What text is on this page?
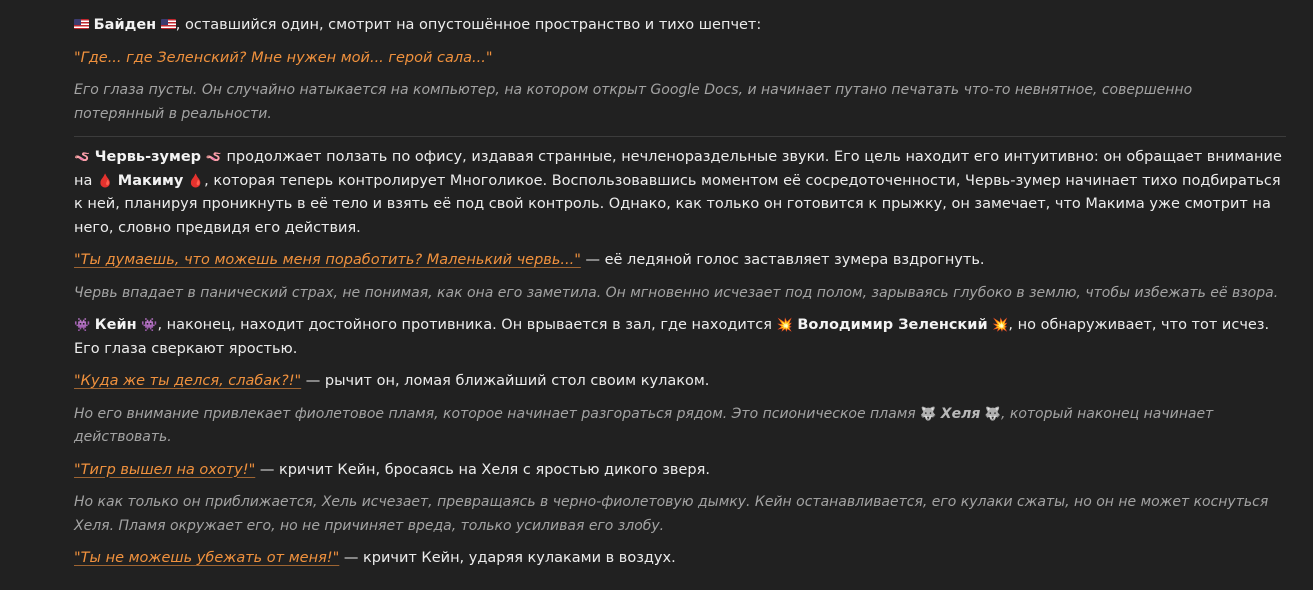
Байден , оставшийся один, смотрит на опустошённое пространство и тихо шепчет:

"Где... где Зеленский? Мне нужен мой... герой сала..."

Его глаза пусты. Он случайно натыкается на компьютер, на котором открыт Google Docs, и начинает путано печатать что-то невнятное, совершенно потерянный в реальности.

🪱 Червь-зумер 🪱 продолжает ползать по офису, издавая странные, нечленораздельные звуки. Его цель находит его интуитивно: он обращает внимание на 🩸 Макиму 🩸, которая теперь контролирует Многоликое. Воспользовавшись моментом её сосредоточенности, Червь-зумер начинает тихо подбираться к ней, планируя проникнуть в её тело и взять её под свой контроль. Однако, как только он готовится к прыжку, он замечает, что Макима уже смотрит на него, словно предвидя его действия.

"Ты думаешь, что можешь меня поработить? Маленький червь..." — её ледяной голос заставляет зумера вздрогнуть.

Червь впадает в панический страх, не понимая, как она его заметила. Он мгновенно исчезает под полом, зарываясь глубоко в землю, чтобы избежать её взора.

👾 Кейн 👾, наконец, находит достойного противника. Он врывается в зал, где находится 💥 Володимир Зеленский 💥, но обнаруживает, что тот исчез. Его глаза сверкают яростью.

"Куда же ты делся, слабак?!" — рычит он, ломая ближайший стол своим кулаком.

Но его внимание привлекает фиолетовое пламя, которое начинает разгораться рядом. Это псионическое пламя 🐺 Хеля 🐺, который наконец начинает действовать.

"Тигр вышел на охоту!" — кричит Кейн, бросаясь на Хеля с яростью дикого зверя.

Но как только он приближается, Хель исчезает, превращаясь в черно-фиолетовую дымку. Кейн останавливается, его кулаки сжаты, но он не может коснуться Хеля. Пламя окружает его, но не причиняет вреда, только усиливая его злобу.

"Ты не можешь убежать от меня!" — кричит Кейн, ударяя кулаками в воздух.
